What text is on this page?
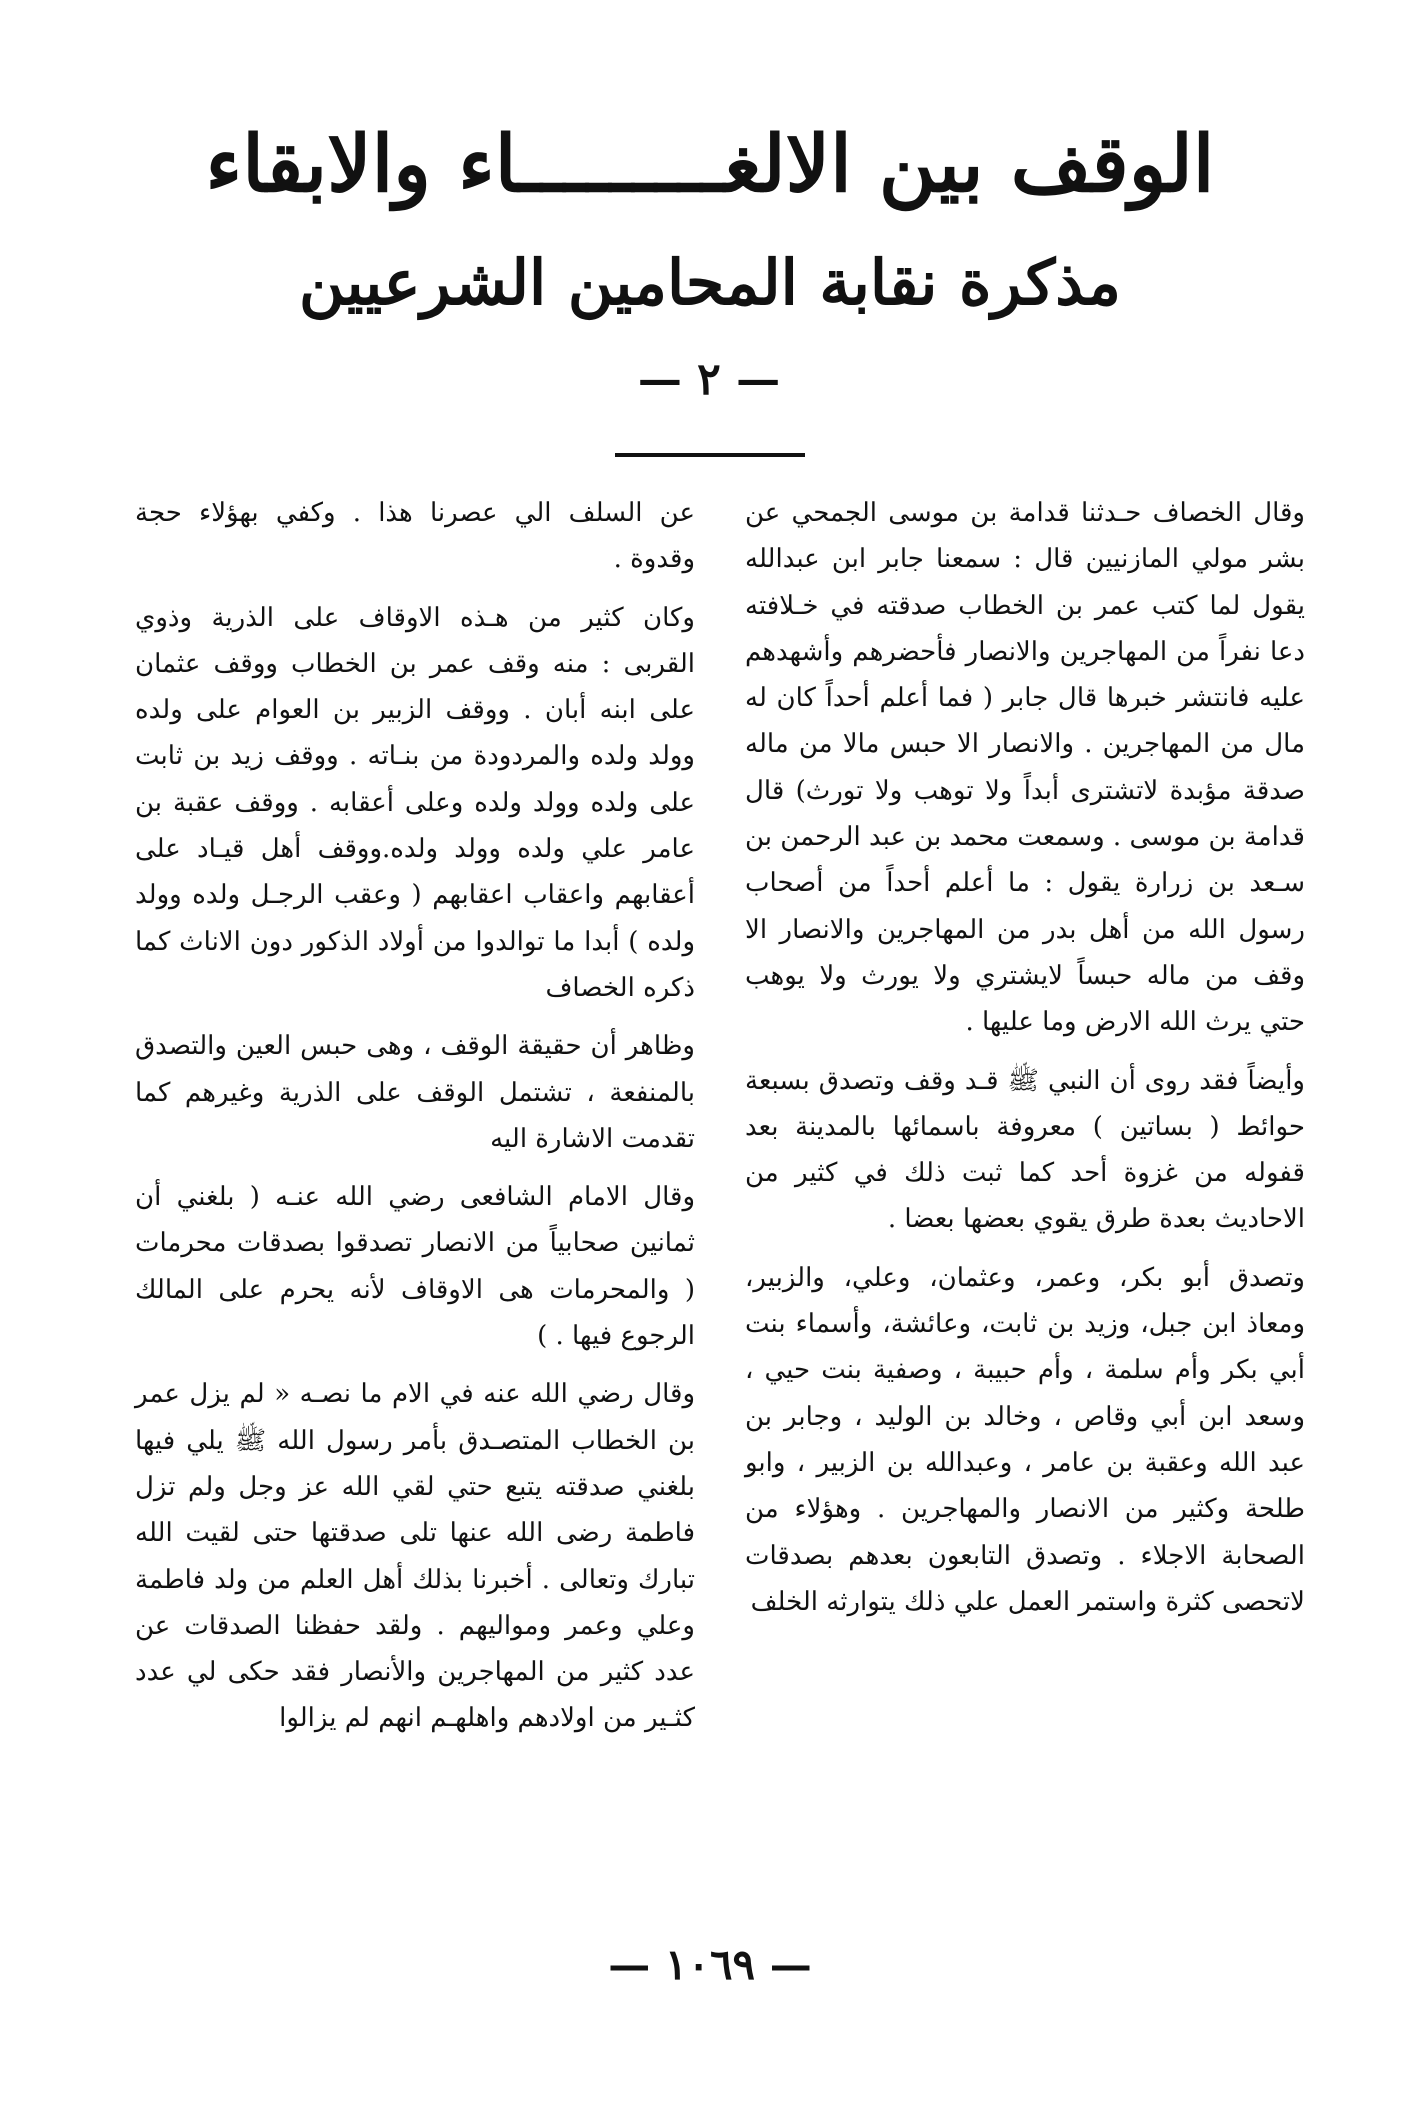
الوقف بين الالغـــــــــاء والابقاء
مذكرة نقابة المحامين الشرعيين
— ٢ —

وقال الخصاف حـدثنا قدامة بن موسى الجمحي عن بشر مولي المازنيين قال : سمعنا جابر ابن عبدالله يقول لما كتب عمر بن الخطاب صدقته في خـلافته دعا نفراً من المهاجرين والانصار فأحضرهم وأشهدهم عليه فانتشر خبرها قال جابر ( فما أعلم أحداً كان له مال من المهاجرين . والانصار الا حبس مالا من ماله صدقة مؤبدة لاتشترى أبداً ولا توهب ولا تورث) قال قدامة بن موسى . وسمعت محمد بن عبد الرحمن بن سـعد بن زرارة يقول : ما أعلم أحداً من أصحاب رسول الله من أهل بدر من المهاجرين والانصار الا وقف من ماله حبساً لايشتري ولا يورث ولا يوهب حتي يرث الله الارض وما عليها .

وأيضاً فقد روى أن النبي ﷺ قـد وقف وتصدق بسبعة حوائط ( بساتين ) معروفة باسمائها بالمدينة بعد قفوله من غزوة أحد كما ثبت ذلك في كثير من الاحاديث بعدة طرق يقوي بعضها بعضا .

وتصدق أبو بكر، وعمر، وعثمان، وعلي، والزبير، ومعاذ ابن جبل، وزيد بن ثابت، وعائشة، وأسماء بنت أبي بكر وأم سلمة ، وأم حبيبة ، وصفية بنت حيي ، وسعد ابن أبي وقاص ، وخالد بن الوليد ، وجابر بن عبد الله وعقبة بن عامر ، وعبدالله بن الزبير ، وابو طلحة وكثير من الانصار والمهاجرين . وهؤلاء من الصحابة الاجلاء . وتصدق التابعون بعدهم بصدقات لاتحصى كثرة واستمر العمل علي ذلك يتوارثه الخلف

عن السلف الي عصرنا هذا . وكفي بهؤلاء حجة وقدوة .

وكان كثير من هـذه الاوقاف على الذرية وذوي القربى : منه وقف عمر بن الخطاب ووقف عثمان على ابنه أبان . ووقف الزبير بن العوام على ولده وولد ولده والمردودة من بنـاته . ووقف زيد بن ثابت على ولده وولد ولده وعلى أعقابه . ووقف عقبة بن عامر علي ولده وولد ولده.ووقف أهل قيـاد على أعقابهم واعقاب اعقابهم ( وعقب الرجـل ولده وولد ولده ) أبدا ما توالدوا من أولاد الذكور دون الاناث كما ذكره الخصاف

وظاهر أن حقيقة الوقف ، وهى حبس العين والتصدق بالمنفعة ، تشتمل الوقف على الذرية وغيرهم كما تقدمت الاشارة اليه

وقال الامام الشافعى رضي الله عنـه ( بلغني أن ثمانين صحابياً من الانصار تصدقوا بصدقات محرمات ( والمحرمات هى الاوقاف لأنه يحرم على المالك الرجوع فيها . )

وقال رضي الله عنه في الام ما نصـه « لم يزل عمر بن الخطاب المتصـدق بأمر رسول الله ﷺ يلي فيها بلغني صدقته يتبع حتي لقي الله عز وجل ولم تزل فاطمة رضى الله عنها تلى صدقتها حتى لقيت الله تبارك وتعالى . أخبرنا بذلك أهل العلم من ولد فاطمة وعلي وعمر ومواليهم . ولقد حفظنا الصدقات عن عدد كثير من المهاجرين والأنصار فقد حكى لي عدد كثـير من اولادهم واهلهـم انهم لم يزالوا

— ١٠٦٩ —
